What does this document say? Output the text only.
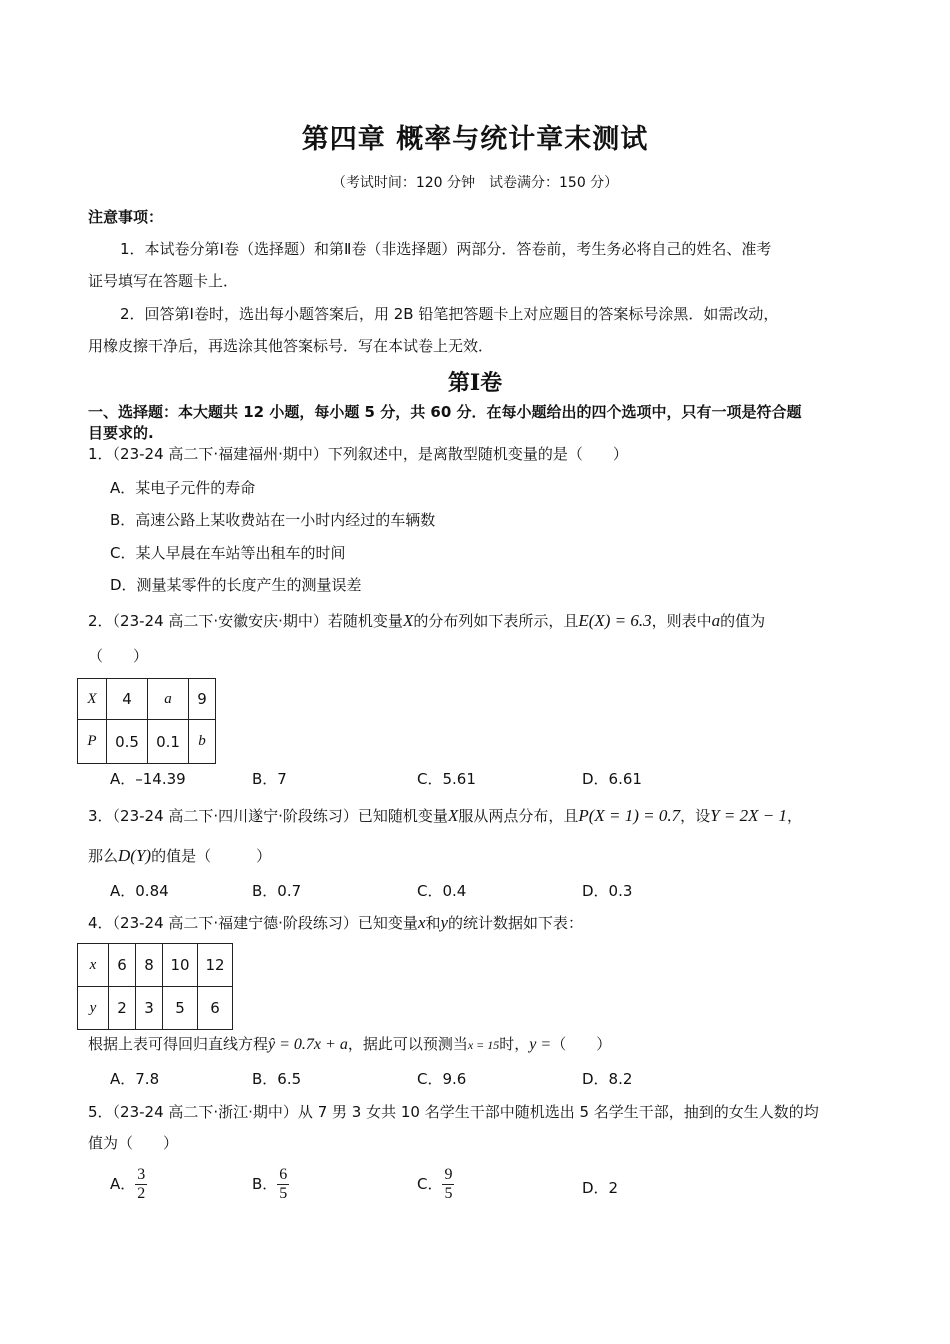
第四章 概率与统计章末测试
（考试时间：120 分钟　试卷满分：150 分）
注意事项：
1．本试卷分第Ⅰ卷（选择题）和第Ⅱ卷（非选择题）两部分．答卷前，考生务必将自己的姓名、准考
证号填写在答题卡上．
2．回答第Ⅰ卷时，选出每小题答案后，用 2B 铅笔把答题卡上对应题目的答案标号涂黑．如需改动，
用橡皮擦干净后，再选涂其他答案标号．写在本试卷上无效．
第Ⅰ卷
一、选择题：本大题共 12 小题，每小题 5 分，共 60 分．在每小题给出的四个选项中，只有一项是符合题
目要求的.
1．（23-24 高二下·福建福州·期中）下列叙述中，是离散型随机变量的是（　　）
A．某电子元件的寿命
B．高速公路上某收费站在一小时内经过的车辆数
C．某人早晨在车站等出租车的时间
D．测量某零件的长度产生的测量误差
2．（23-24 高二下·安徽安庆·期中）若随机变量X的分布列如下表所示，且E(X) = 6.3，则表中a的值为
（　　）
X	4	a	9
P	0.5	0.1	b
A．–14.39	B．7	C．5.61	D．6.61
3．（23-24 高二下·四川遂宁·阶段练习）已知随机变量X服从两点分布，且P(X = 1) = 0.7，设Y = 2X − 1，
那么D(Y)的值是（　　　）
A．0.84	B．0.7	C．0.4	D．0.3
4．（23-24 高二下·福建宁德·阶段练习）已知变量x和y的统计数据如下表：
x	6	8	10	12
y	2	3	5	6
根据上表可得回归直线方程ŷ = 0.7x + a，据此可以预测当x = 15时，y =（　　）
A．7.8	B．6.5	C．9.6	D．8.2
5．（23-24 高二下·浙江·期中）从 7 男 3 女共 10 名学生干部中随机选出 5 名学生干部，抽到的女生人数的均
值为（　　）
A． $\frac{3}{2}$	B． $\frac{6}{5}$	C． $\frac{9}{5}$	D．2
